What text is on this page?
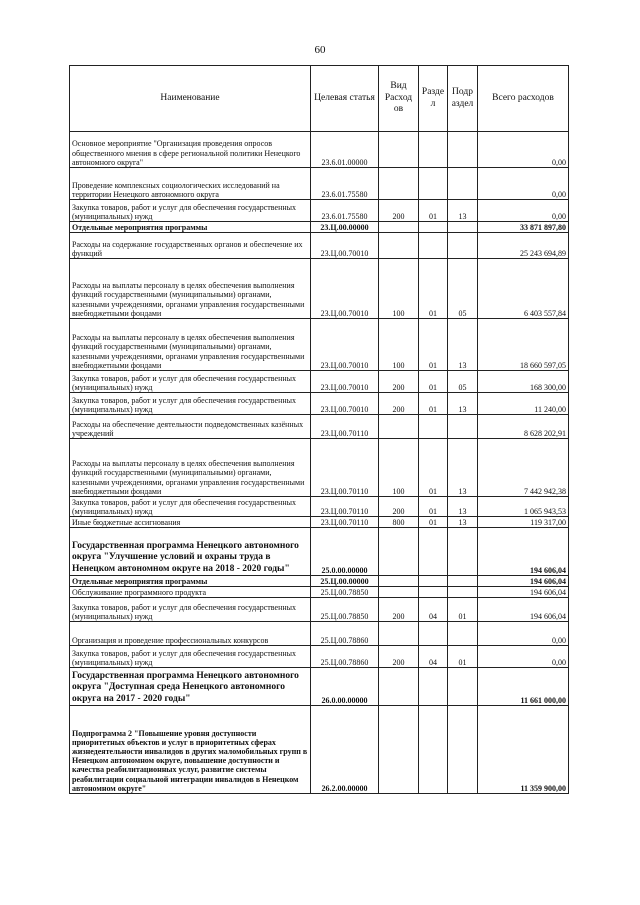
60
Наименование	Целевая статья	Вид Расход ов	Разде л	Подр аздел	Всего расходов
Основное мероприятие "Организация проведения опросов общественного мнения в сфере региональной политики Ненецкого автономного округа"	23.6.01.00000				0,00
Проведение комплексных социологических исследований на территории Ненецкого автономного округа	23.6.01.75580				0,00
Закупка товаров, работ и услуг для обеспечения государственных (муниципальных) нужд	23.6.01.75580	200	01	13	0,00
Отдельные мероприятия программы	23.Ц.00.00000				33 871 897,80
Расходы на содержание государственных органов и обеспечение их функций	23.Ц.00.70010				25 243 694,89
Расходы на выплаты персоналу в целях обеспечения выполнения функций государственными (муниципальными) органами, казенными учреждениями, органами управления государственными внебюджетными фондами	23.Ц.00.70010	100	01	05	6 403 557,84
Расходы на выплаты персоналу в целях обеспечения выполнения функций государственными (муниципальными) органами, казенными учреждениями, органами управления государственными внебюджетными фондами	23.Ц.00.70010	100	01	13	18 660 597,05
Закупка товаров, работ и услуг для обеспечения государственных (муниципальных) нужд	23.Ц.00.70010	200	01	05	168 300,00
Закупка товаров, работ и услуг для обеспечения государственных (муниципальных) нужд	23.Ц.00.70010	200	01	13	11 240,00
Расходы на обеспечение деятельности подведомственных казённых учреждений	23.Ц.00.70110				8 628 202,91
Расходы на выплаты персоналу в целях обеспечения выполнения функций государственными (муниципальными) органами, казенными учреждениями, органами управления государственными внебюджетными фондами	23.Ц.00.70110	100	01	13	7 442 942,38
Закупка товаров, работ и услуг для обеспечения государственных (муниципальных) нужд	23.Ц.00.70110	200	01	13	1 065 943,53
Иные бюджетные ассигнования	23.Ц.00.70110	800	01	13	119 317,00
Государственная программа Ненецкого автономного округа "Улучшение условий и охраны труда в Ненецком автономном округе на 2018 - 2020 годы"	25.0.00.00000				194 606,04
Отдельные мероприятия программы	25.Ц.00.00000				194 606,04
Обслуживание программного продукта	25.Ц.00.78850				194 606,04
Закупка товаров, работ и услуг для обеспечения государственных (муниципальных) нужд	25.Ц.00.78850	200	04	01	194 606,04
Организация и проведение профессиональных конкурсов	25.Ц.00.78860				0,00
Закупка товаров, работ и услуг для обеспечения государственных (муниципальных) нужд	25.Ц.00.78860	200	04	01	0,00
Государственная программа Ненецкого автономного округа "Доступная среда Ненецкого автономного округа на 2017 - 2020 годы"	26.0.00.00000				11 661 000,00
Подпрограмма 2 "Повышение уровня доступности приоритетных объектов и услуг в приоритетных сферах жизнедеятельности инвалидов в других маломобильных групп в Ненецком автономном округе, повышение доступности и качества реабилитационных услуг, развитие системы реабилитации социальной интеграции инвалидов в Ненецком автономном округе"	26.2.00.00000				11 359 900,00
